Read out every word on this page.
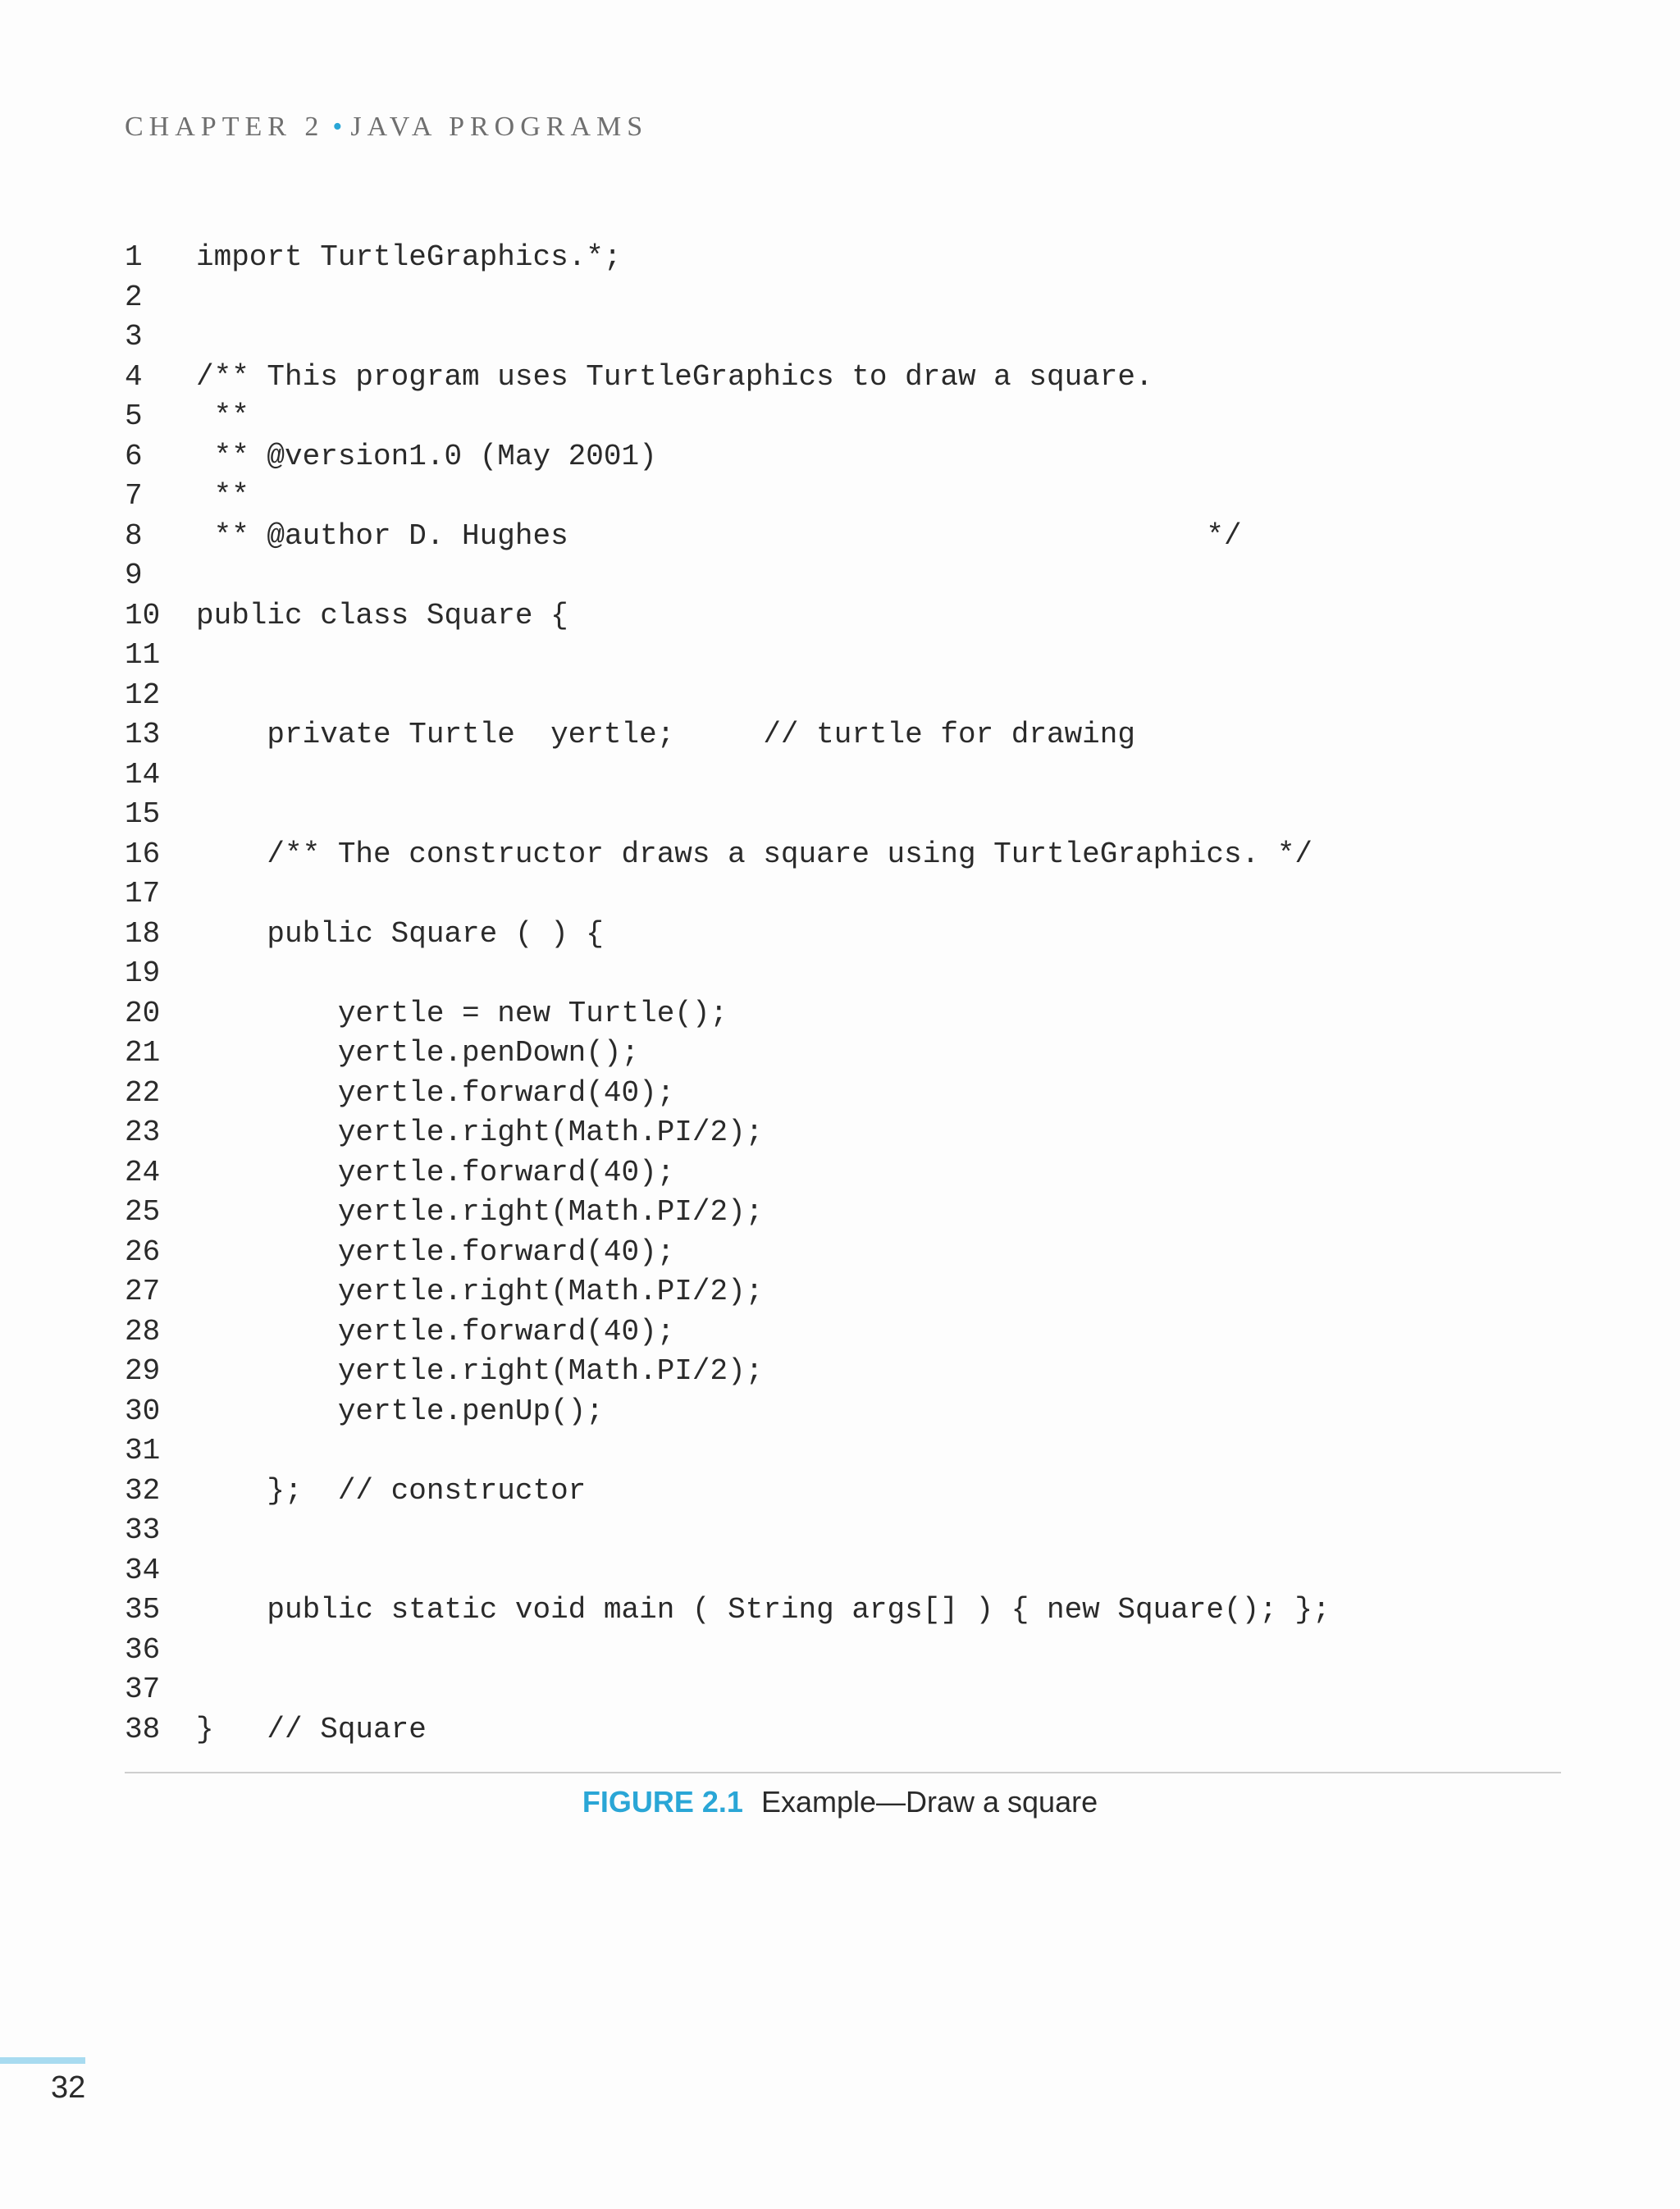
CHAPTER 2 • JAVA PROGRAMS
1	import TurtleGraphics.*;
2
3
4	/** This program uses TurtleGraphics to draw a square.
5	**
6	** @version1.0 (May 2001)
7	**
8	** @author D. Hughes                                    */
9
10	public class Square {
11
12
13	private Turtle  yertle;     // turtle for drawing
14
15
16	/** The constructor draws a square using TurtleGraphics. */
17
18	public Square ( ) {
19
20	yertle = new Turtle();
21	yertle.penDown();
22	yertle.forward(40);
23	yertle.right(Math.PI/2);
24	yertle.forward(40);
25	yertle.right(Math.PI/2);
26	yertle.forward(40);
27	yertle.right(Math.PI/2);
28	yertle.forward(40);
29	yertle.right(Math.PI/2);
30	yertle.penUp();
31
32	};  // constructor
33
34
35	public static void main ( String args[] ) { new Square(); };
36
37
38	}   // Square
FIGURE 2.1 Example—Draw a square
32
